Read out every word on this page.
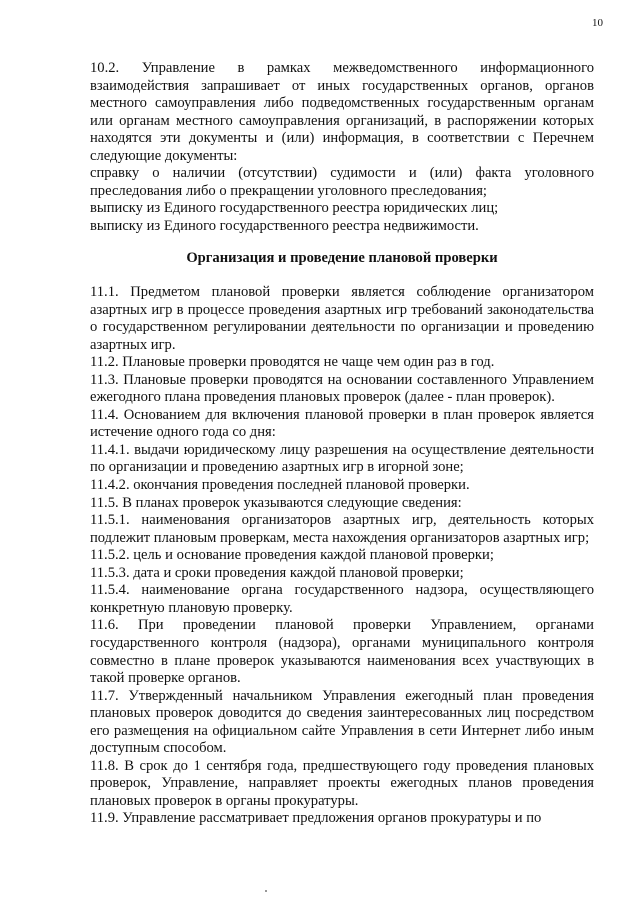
10

10.2. Управление в рамках межведомственного информационного взаимодействия запрашивает от иных государственных органов, органов местного самоуправления либо подведомственных государственным органам или органам местного самоуправления организаций, в распоряжении которых находятся эти документы и (или) информация, в соответствии с Перечнем следующие документы:

справку о наличии (отсутствии) судимости и (или) факта уголовного преследования либо о прекращении уголовного преследования;

выписку из Единого государственного реестра юридических лиц;

выписку из Единого государственного реестра недвижимости.

Организация и проведение плановой проверки

11.1. Предметом плановой проверки является соблюдение организатором азартных игр в процессе проведения азартных игр требований законодательства о государственном регулировании деятельности по организации и проведению азартных игр.

11.2. Плановые проверки проводятся не чаще чем один раз в год.

11.3. Плановые проверки проводятся на основании составленного Управлением ежегодного плана проведения плановых проверок (далее - план проверок).

11.4. Основанием для включения плановой проверки в план проверок является истечение одного года со дня:

11.4.1. выдачи юридическому лицу разрешения на осуществление деятельности по организации и проведению азартных игр в игорной зоне;

11.4.2. окончания проведения последней плановой проверки.

11.5. В планах проверок указываются следующие сведения:

11.5.1. наименования организаторов азартных игр, деятельность которых подлежит плановым проверкам, места нахождения организаторов азартных игр;

11.5.2. цель и основание проведения каждой плановой проверки;

11.5.3. дата и сроки проведения каждой плановой проверки;

11.5.4. наименование органа государственного надзора, осуществляющего конкретную плановую проверку.

11.6. При проведении плановой проверки Управлением, органами государственного контроля (надзора), органами муниципального контроля совместно в плане проверок указываются наименования всех участвующих в такой проверке органов.

11.7. Утвержденный начальником Управления ежегодный план проведения плановых проверок доводится до сведения заинтересованных лиц посредством его размещения на официальном сайте Управления в сети Интернет либо иным доступным способом.

11.8. В срок до 1 сентября года, предшествующего году проведения плановых проверок, Управление, направляет проекты ежегодных планов проведения плановых проверок в органы прокуратуры.

11.9. Управление рассматривает предложения органов прокуратуры и по
